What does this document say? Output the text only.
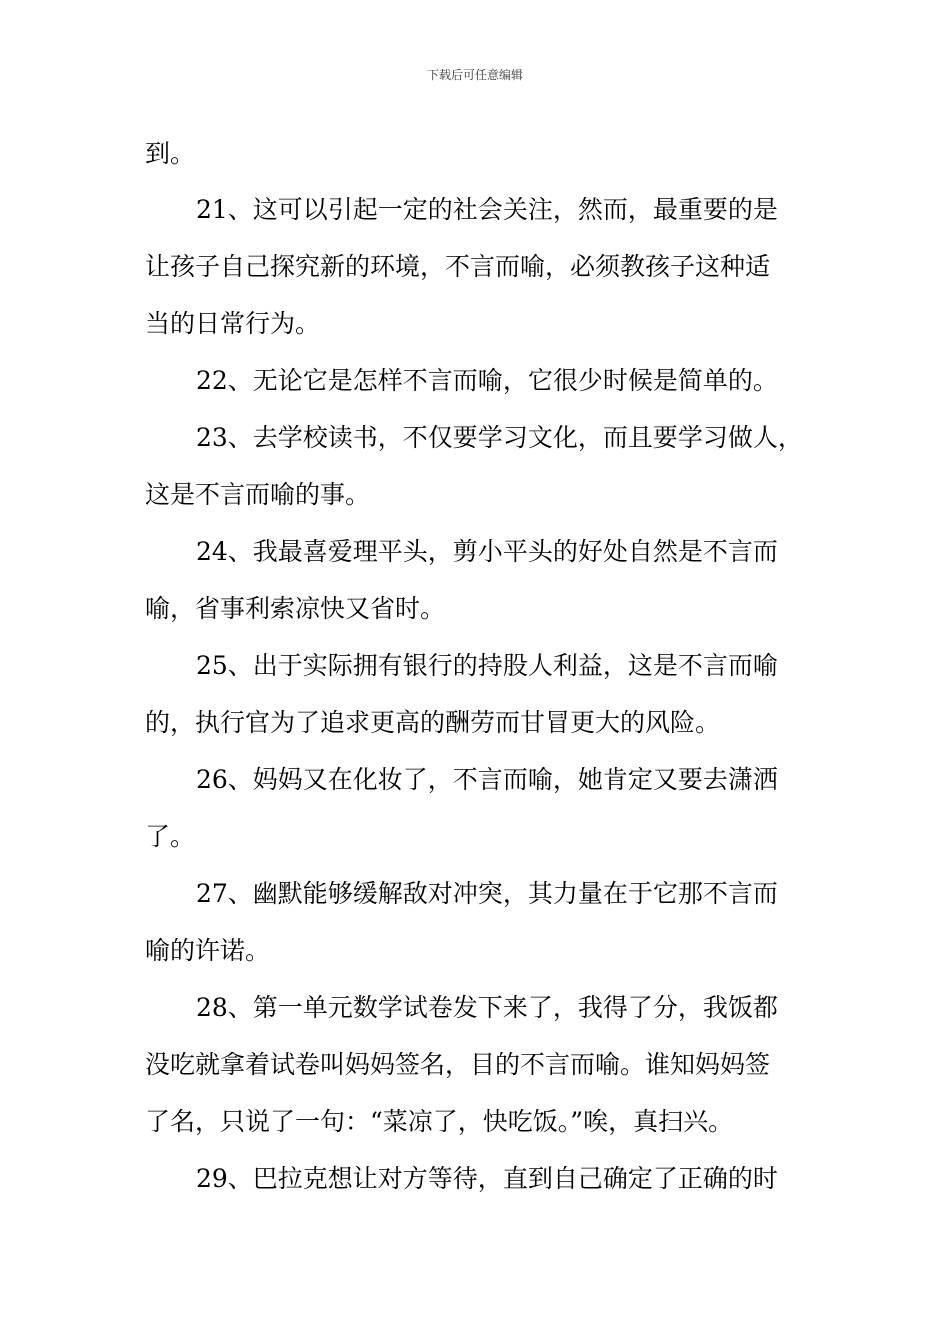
下载后可任意编辑
到。
21、这可以引起一定的社会关注，然而，最重要的是
让孩子自己探究新的环境，不言而喻，必须教孩子这种适
当的日常行为。
22、无论它是怎样不言而喻，它很少时候是简单的。
23、去学校读书，不仅要学习文化，而且要学习做人，
这是不言而喻的事。
24、我最喜爱理平头，剪小平头的好处自然是不言而
喻，省事利索凉快又省时。
25、出于实际拥有银行的持股人利益，这是不言而喻
的，执行官为了追求更高的酬劳而甘冒更大的风险。
26、妈妈又在化妆了，不言而喻，她肯定又要去潇洒
了。
27、幽默能够缓解敌对冲突，其力量在于它那不言而
喻的许诺。
28、第一单元数学试卷发下来了，我得了分，我饭都
没吃就拿着试卷叫妈妈签名，目的不言而喻。谁知妈妈签
了名，只说了一句：“菜凉了，快吃饭。”唉，真扫兴。
29、巴拉克想让对方等待，直到自己确定了正确的时
